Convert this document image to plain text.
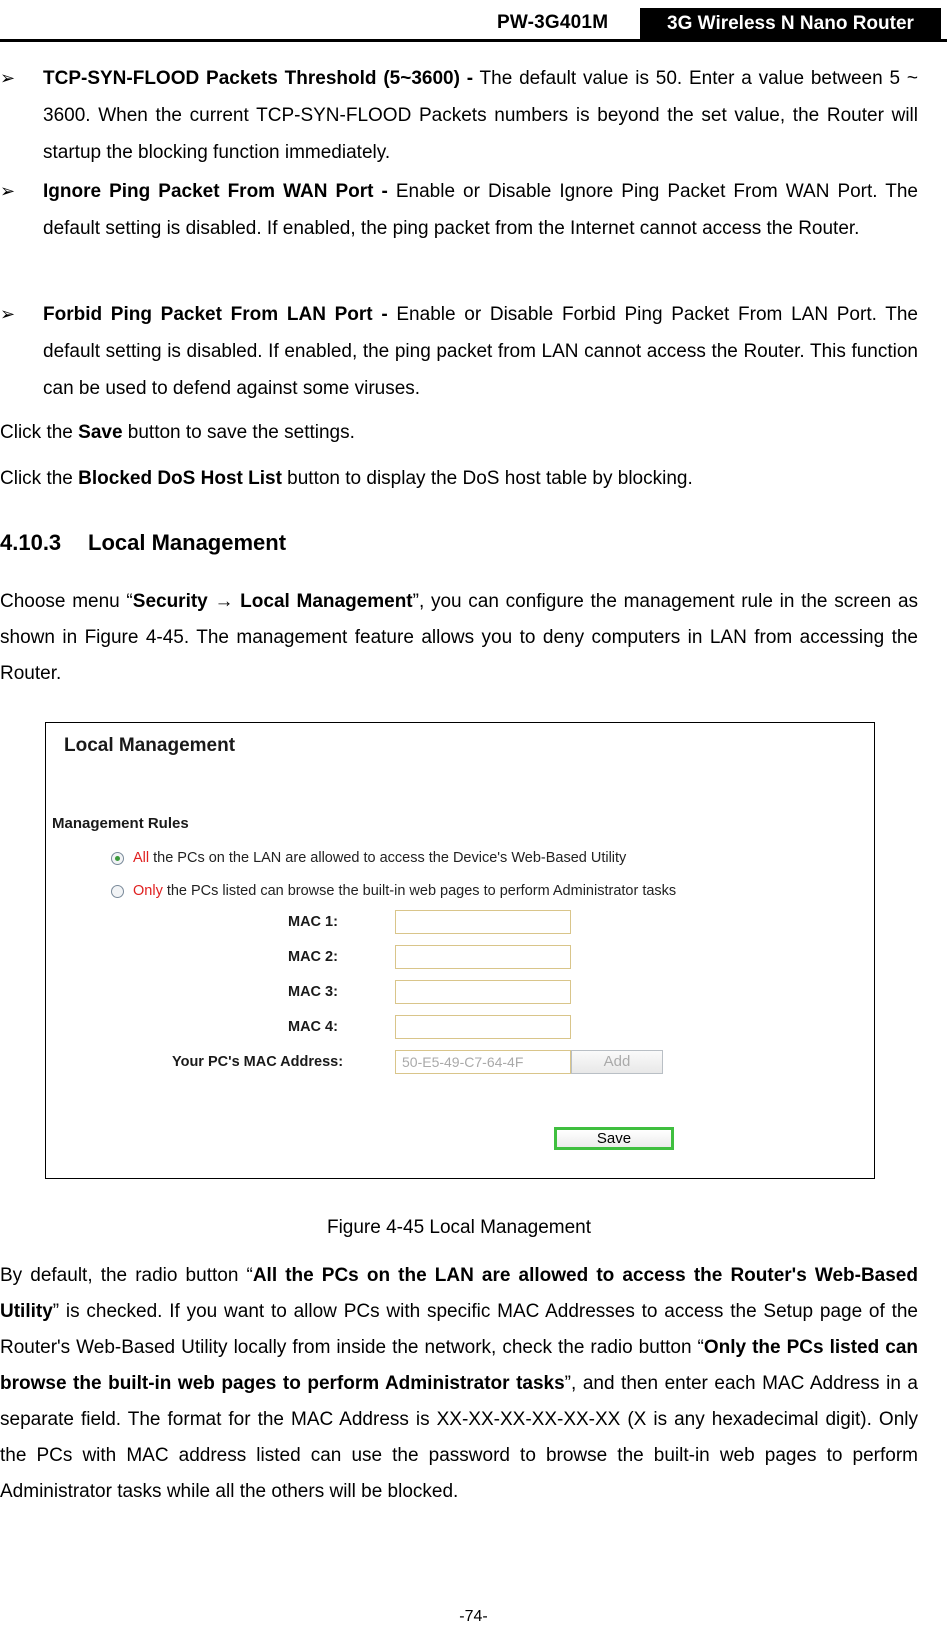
PW-3G401M	3G Wireless N Nano Router
➢ TCP-SYN-FLOOD Packets Threshold (5~3600) - The default value is 50. Enter a value between 5 ~ 3600. When the current TCP-SYN-FLOOD Packets numbers is beyond the set value, the Router will startup the blocking function immediately.
➢ Ignore Ping Packet From WAN Port - Enable or Disable Ignore Ping Packet From WAN Port. The default setting is disabled. If enabled, the ping packet from the Internet cannot access the Router.
➢ Forbid Ping Packet From LAN Port - Enable or Disable Forbid Ping Packet From LAN Port. The default setting is disabled. If enabled, the ping packet from LAN cannot access the Router. This function can be used to defend against some viruses.
Click the Save button to save the settings.
Click the Blocked DoS Host List button to display the DoS host table by blocking.
4.10.3 Local Management
Choose menu “Security → Local Management”, you can configure the management rule in the screen as shown in Figure 4-45. The management feature allows you to deny computers in LAN from accessing the Router.
Local Management
Management Rules
All the PCs on the LAN are allowed to access the Device's Web-Based Utility
Only the PCs listed can browse the built-in web pages to perform Administrator tasks
MAC 1:
MAC 2:
MAC 3:
MAC 4:
Your PC's MAC Address:
50-E5-49-C7-64-4F	Add
Save
Figure 4-45 Local Management
By default, the radio button “All the PCs on the LAN are allowed to access the Router's Web-Based Utility” is checked. If you want to allow PCs with specific MAC Addresses to access the Setup page of the Router's Web-Based Utility locally from inside the network, check the radio button “Only the PCs listed can browse the built-in web pages to perform Administrator tasks”, and then enter each MAC Address in a separate field. The format for the MAC Address is XX-XX-XX-XX-XX-XX (X is any hexadecimal digit). Only the PCs with MAC address listed can use the password to browse the built-in web pages to perform Administrator tasks while all the others will be blocked.
-74-
